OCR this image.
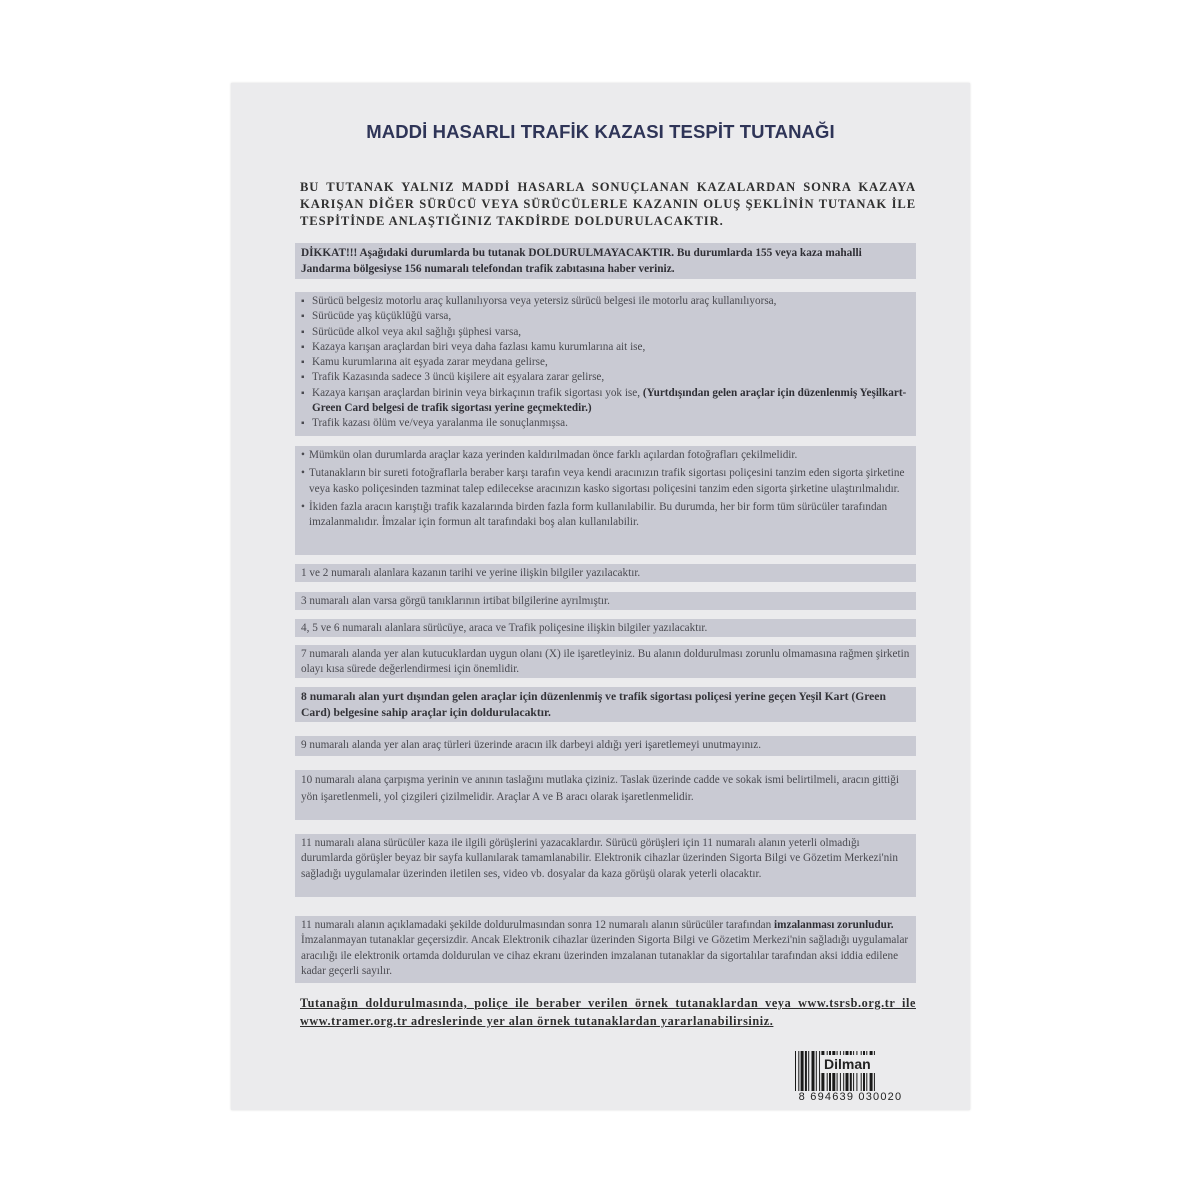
MADDİ HASARLI TRAFİK KAZASI TESPİT TUTANAĞI
BU TUTANAK YALNIZ MADDİ HASARLA SONUÇLANAN KAZALARDAN SONRA KAZAYA KARIŞAN DİĞER SÜRÜCÜ VEYA SÜRÜCÜLERLE KAZANIN OLUŞ ŞEKLİNİN TUTANAK İLE TESPİTİNDE ANLAŞTIĞINIZ TAKDİRDE DOLDURULACAKTIR.
DİKKAT!!! Aşağıdaki durumlarda bu tutanak DOLDURULMAYACAKTIR. Bu durumlarda 155 veya kaza mahalli Jandarma bölgesiyse 156 numaralı telefondan trafik zabıtasına haber veriniz.
▪ Sürücü belgesiz motorlu araç kullanılıyorsa veya yetersiz sürücü belgesi ile motorlu araç kullanılıyorsa,
▪ Sürücüde yaş küçüklüğü varsa,
▪ Sürücüde alkol veya akıl sağlığı şüphesi varsa,
▪ Kazaya karışan araçlardan biri veya daha fazlası kamu kurumlarına ait ise,
▪ Kamu kurumlarına ait eşyada zarar meydana gelirse,
▪ Trafik Kazasında sadece 3 üncü kişilere ait eşyalara zarar gelirse,
▪ Kazaya karışan araçlardan birinin veya birkaçının trafik sigortası yok ise, (Yurtdışından gelen araçlar için düzenlenmiş Yeşilkart-Green Card belgesi de trafik sigortası yerine geçmektedir.)
▪ Trafik kazası ölüm ve/veya yaralanma ile sonuçlanmışsa.

• Mümkün olan durumlarda araçlar kaza yerinden kaldırılmadan önce farklı açılardan fotoğrafları çekilmelidir.

• Tutanakların bir sureti fotoğraflarla beraber karşı tarafın veya kendi aracınızın trafik sigortası poliçesini tanzim eden sigorta şirketine veya kasko poliçesinden tazminat talep edilecekse aracınızın kasko sigortası poliçesini tanzim eden sigorta şirketine ulaştırılmalıdır.

• İkiden fazla aracın karıştığı trafik kazalarında birden fazla form kullanılabilir. Bu durumda, her bir form tüm sürücüler tarafından imzalanmalıdır. İmzalar için formun alt tarafındaki boş alan kullanılabilir.

1 ve 2 numaralı alanlara kazanın tarihi ve yerine ilişkin bilgiler yazılacaktır.
3 numaralı alan varsa görgü tanıklarının irtibat bilgilerine ayrılmıştır.
4, 5 ve 6 numaralı alanlara sürücüye, araca ve Trafik poliçesine ilişkin bilgiler yazılacaktır.
7 numaralı alanda yer alan kutucuklardan uygun olanı (X) ile işaretleyiniz. Bu alanın doldurulması zorunlu olmamasına rağmen şirketin olayı kısa sürede değerlendirmesi için önemlidir.
8 numaralı alan yurt dışından gelen araçlar için düzenlenmiş ve trafik sigortası poliçesi yerine geçen Yeşil Kart (Green Card) belgesine sahip araçlar için doldurulacaktır.
9 numaralı alanda yer alan araç türleri üzerinde aracın ilk darbeyi aldığı yeri işaretlemeyi unutmayınız.
10 numaralı alana çarpışma yerinin ve anının taslağını mutlaka çiziniz. Taslak üzerinde cadde ve sokak ismi belirtilmeli, aracın gittiği yön işaretlenmeli, yol çizgileri çizilmelidir. Araçlar A ve B aracı olarak işaretlenmelidir.
11 numaralı alana sürücüler kaza ile ilgili görüşlerini yazacaklardır. Sürücü görüşleri için 11 numaralı alanın yeterli olmadığı durumlarda görüşler beyaz bir sayfa kullanılarak tamamlanabilir. Elektronik cihazlar üzerinden Sigorta Bilgi ve Gözetim Merkezi'nin sağladığı uygulamalar üzerinden iletilen ses, video vb. dosyalar da kaza görüşü olarak yeterli olacaktır.
11 numaralı alanın açıklamadaki şekilde doldurulmasından sonra 12 numaralı alanın sürücüler tarafından imzalanması zorunludur. İmzalanmayan tutanaklar geçersizdir. Ancak Elektronik cihazlar üzerinden Sigorta Bilgi ve Gözetim Merkezi'nin sağladığı uygulamalar aracılığı ile elektronik ortamda doldurulan ve cihaz ekranı üzerinden imzalanan tutanaklar da sigortalılar tarafından aksi iddia edilene kadar geçerli sayılır.
Tutanağın doldurulmasında, poliçe ile beraber verilen örnek tutanaklardan veya www.tsrsb.org.tr ile www.tramer.org.tr adreslerinde yer alan örnek tutanaklardan yararlanabilirsiniz.
Dilman
8 694639 030020
